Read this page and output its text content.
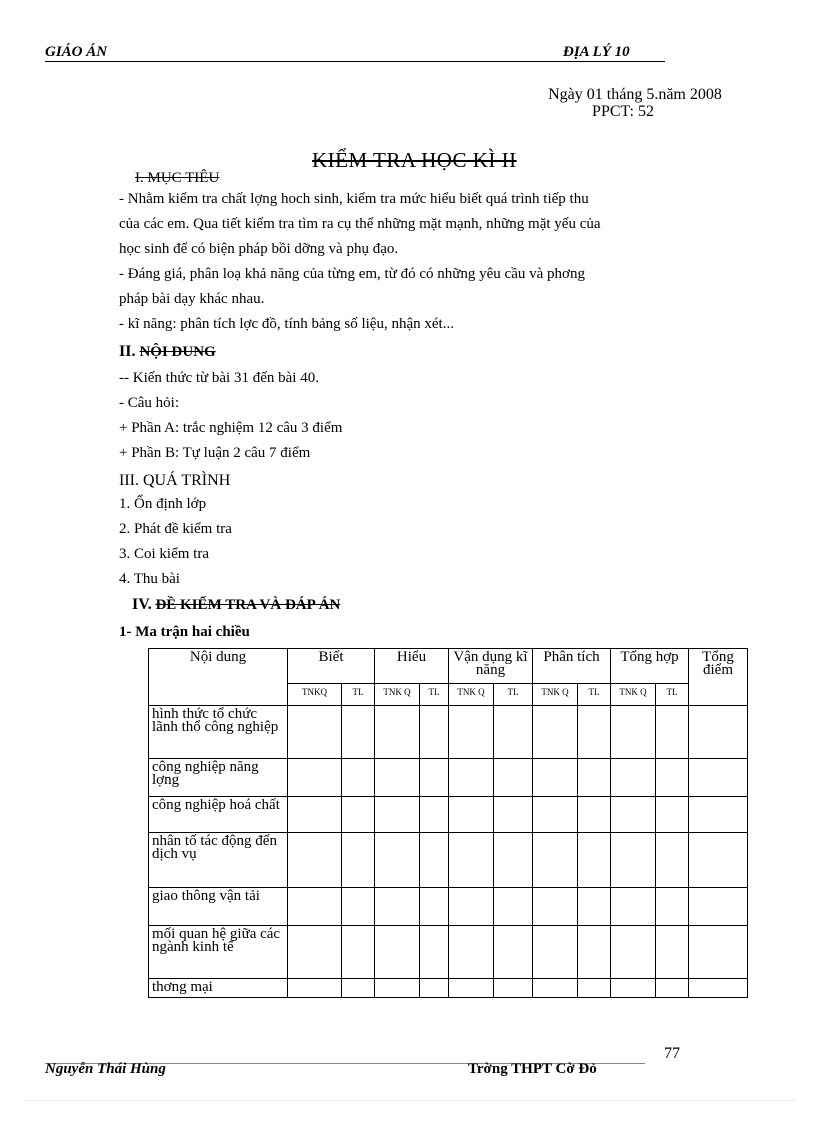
GIÁO ÁN	ĐỊA LÝ 10
Ngày 01 tháng 5.năm 2008
PPCT: 52
KIỂM TRA HỌC KÌ II
I. MỤC TIÊU
- Nhằm kiểm tra chất lợng hoch sinh, kiểm tra mức hiểu biết quá trình tiếp thu
của các em. Qua tiết kiểm tra tìm ra cụ thể những mặt mạnh, những mặt yếu của
học sinh để có biện pháp bồi dỡng và phụ đạo.
- Đáng giá, phân loạ khả năng của từng em, từ đó có những yêu cầu và phơng
pháp bài dạy khác nhau.
- kĩ năng: phân tích lợc đồ, tính bảng số liệu, nhận xét...
II. NỘI DUNG
-- Kiến thức từ bài 31 đến bài 40.
- Câu hỏi:
+ Phần A: trắc nghiệm 12 câu 3 điểm
+ Phần B: Tự luận 2 câu 7 điểm
III. QUÁ TRÌNH
1. Ổn định lớp
2. Phát đề kiểm tra
3. Coi kiểm tra
4. Thu bài
IV. ĐỀ KIỂM TRA VÀ ĐÁP ÁN
1- Ma trận hai chiều
Nội dung	Biết		Hiểu		Vận dụng kĩ năng		Phân tích		Tổng hợp		Tổng điểm
	TNKQ	TL	TNK Q	TL	TNK Q	TL	TNK Q	TL	TNK Q	TL	
hình thức tổ chức lãnh thổ công nghiệp											
công nghiệp năng lợng											
công nghiệp hoá chất											
nhân tố tác động đến dịch vụ											
giao thông vận tải											
mối quan hệ giữa các ngành kinh tế											
thơng mại											
77
Nguyễn Thái Hùng	Trờng THPT Cờ Đỏ
